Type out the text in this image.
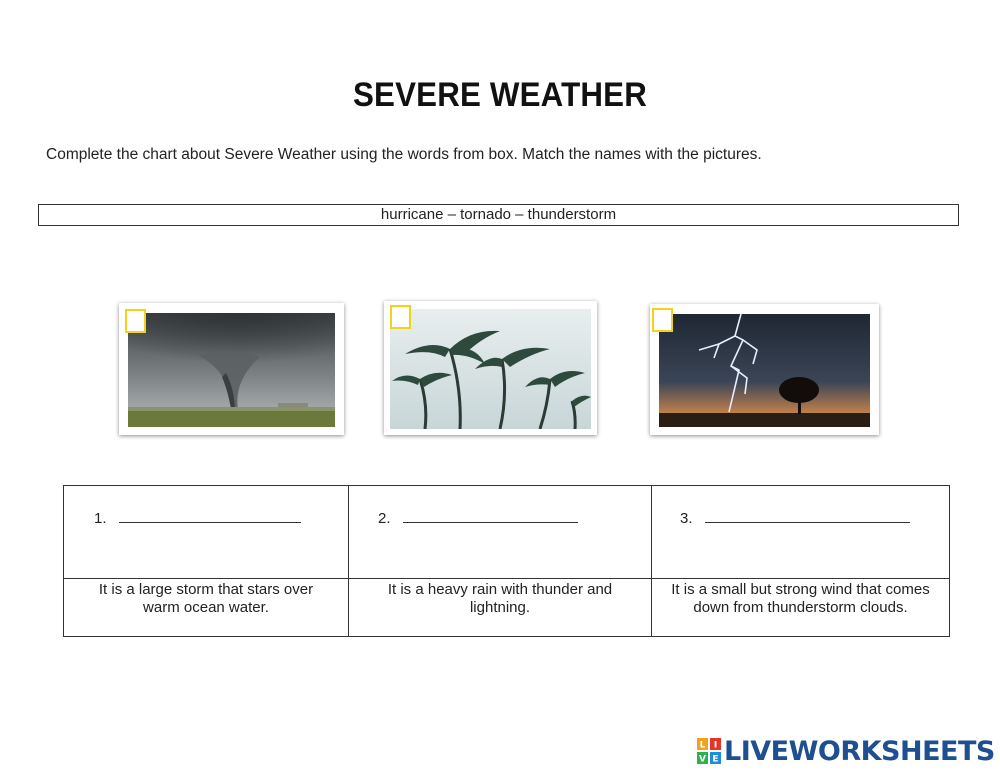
SEVERE WEATHER
Complete the chart about Severe Weather using the words from box. Match the names with the pictures.
hurricane – tornado – thunderstorm
1.	2.	3.

It is a large storm that stars over warm ocean water.	It is a heavy rain with thunder and lightning.	It is a small but strong wind that comes down from thunderstorm clouds.
L I
V E LIVEWORKSHEETS
